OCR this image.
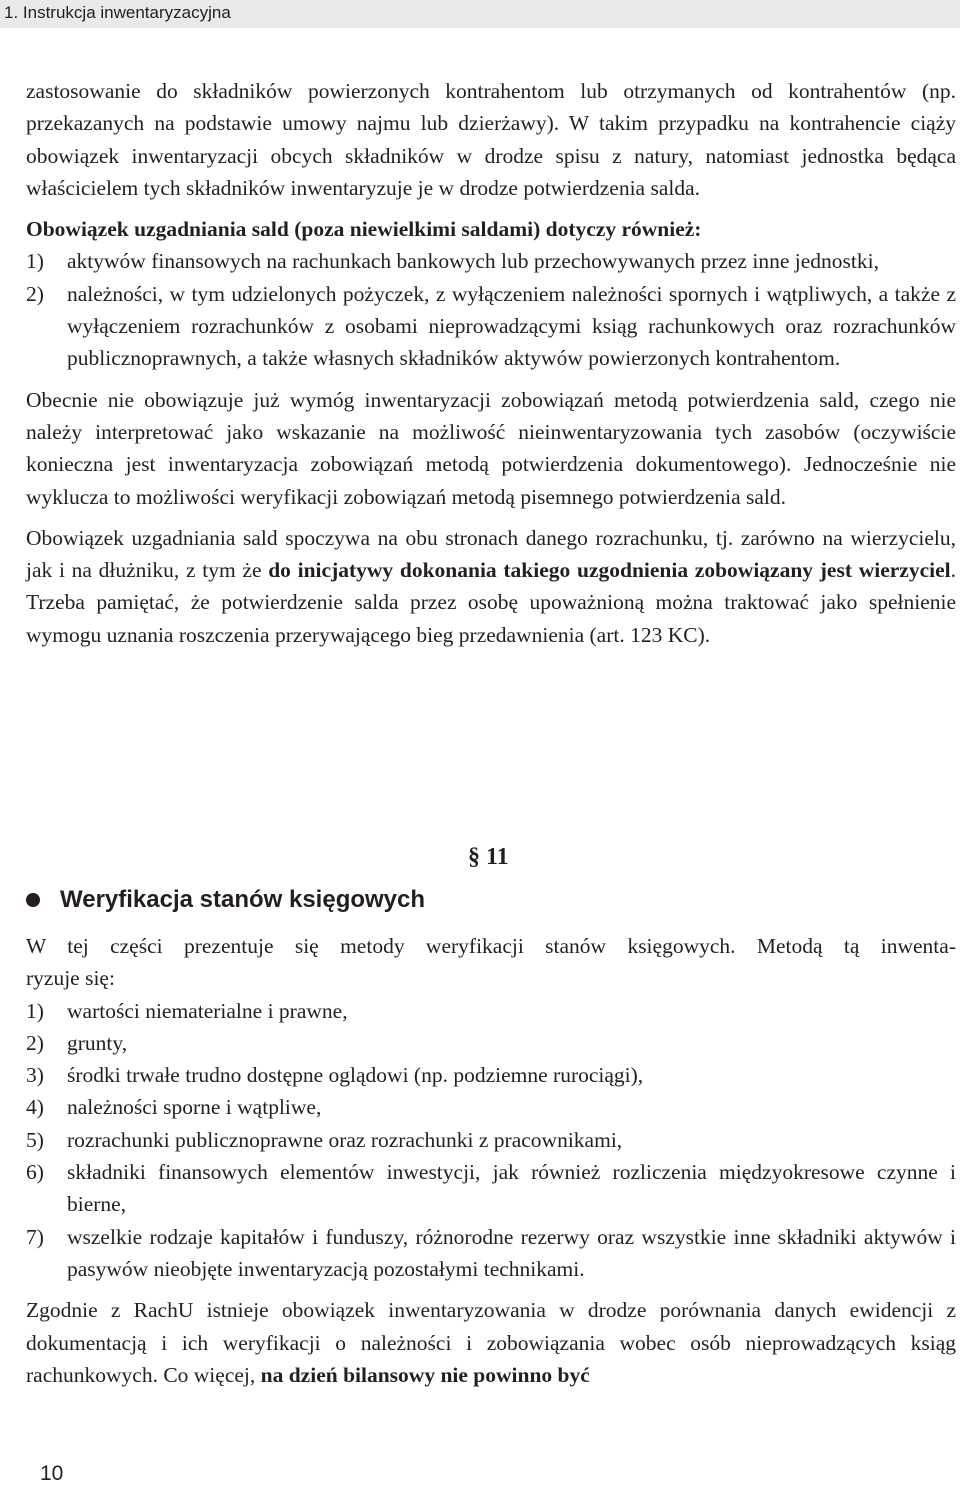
1. Instrukcja inwentaryzacyjna

zastosowanie do składników powierzonych kontrahentom lub otrzymanych od kontrahentów (np. przekazanych na podstawie umowy najmu lub dzierżawy). W takim przypadku na kontrahencie ciąży obowiązek inwentaryzacji obcych składników w drodze spisu z natury, natomiast jednostka będąca właścicielem tych składników inwentaryzuje je w drodze potwierdzenia salda.

Obowiązek uzgadniania sald (poza niewielkimi saldami) dotyczy również:

1) aktywów finansowych na rachunkach bankowych lub przechowywanych przez inne jednostki,
2) należności, w tym udzielonych pożyczek, z wyłączeniem należności spornych i wątpliwych, a także z wyłączeniem rozrachunków z osobami nieprowadzącymi ksiąg rachunkowych oraz rozrachunków publicznoprawnych, a także własnych składników aktywów powierzonych kontrahentom.

Obecnie nie obowiązuje już wymóg inwentaryzacji zobowiązań metodą potwierdzenia sald, czego nie należy interpretować jako wskazanie na możliwość nieinwentaryzowania tych zasobów (oczywiście konieczna jest inwentaryzacja zobowiązań metodą potwierdzenia dokumentowego). Jednocześnie nie wyklucza to możliwości weryfikacji zobowiązań metodą pisemnego potwierdzenia sald.

Obowiązek uzgadniania sald spoczywa na obu stronach danego rozrachunku, tj. zarówno na wierzycielu, jak i na dłużniku, z tym że do inicjatywy dokonania takiego uzgodnienia zobowiązany jest wierzyciel. Trzeba pamiętać, że potwierdzenie salda przez osobę upoważnioną można traktować jako spełnienie wymogu uznania roszczenia przerywającego bieg przedawnienia (art. 123 KC).

§ 11
Weryfikacja stanów księgowych

W tej części prezentuje się metody weryfikacji stanów księgowych. Metodą tą inwenta-

ryzuje się:

1) wartości niematerialne i prawne,
2) grunty,
3) środki trwałe trudno dostępne oglądowi (np. podziemne rurociągi),
4) należności sporne i wątpliwe,
5) rozrachunki publicznoprawne oraz rozrachunki z pracownikami,
6) składniki finansowych elementów inwestycji, jak również rozliczenia międzyokresowe czynne i bierne,
7) wszelkie rodzaje kapitałów i funduszy, różnorodne rezerwy oraz wszystkie inne składniki aktywów i pasywów nieobjęte inwentaryzacją pozostałymi technikami.

Zgodnie z RachU istnieje obowiązek inwentaryzowania w drodze porównania danych ewidencji z dokumentacją i ich weryfikacji o należności i zobowiązania wobec osób nieprowadzących ksiąg rachunkowych. Co więcej, na dzień bilansowy nie powinno być

10
